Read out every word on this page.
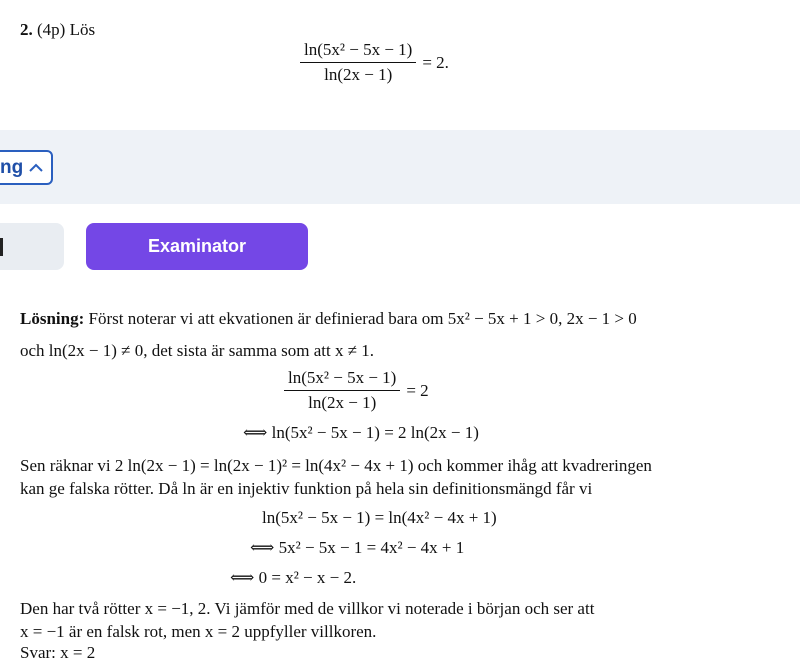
2. (4p) Lös
$\frac{\text{ln(5x² − 5x − 1)}}{\ln(2x - 1)} = 2$.
ng
Examinator
Lösning: Först noterar vi att ekvationen är definierad bara om 5x² − 5x + 1 > 0, 2x − 1 > 0
och ln(2x − 1) ≠ 0, det sista är samma som att x ≠ 1.
$\frac{\text{ln(5x² − 5x − 1)}}{\ln(2x - 1)} = 2$
⟺ ln(5x² − 5x − 1) = 2 ln(2x − 1)
Sen räknar vi 2 ln(2x − 1) = ln(2x − 1)² = ln(4x² − 4x + 1) och kommer ihåg att kvadreringen
kan ge falska rötter. Då ln är en injektiv funktion på hela sin definitionsmängd får vi
ln(5x² − 5x − 1) = ln(4x² − 4x + 1)
⟺ 5x² − 5x − 1 = 4x² − 4x + 1
⟺ 0 = x² − x − 2.
Den har två rötter x = −1, 2. Vi jämför med de villkor vi noterade i början och ser att
x = −1 är en falsk rot, men x = 2 uppfyller villkoren.
Svar: x = 2
